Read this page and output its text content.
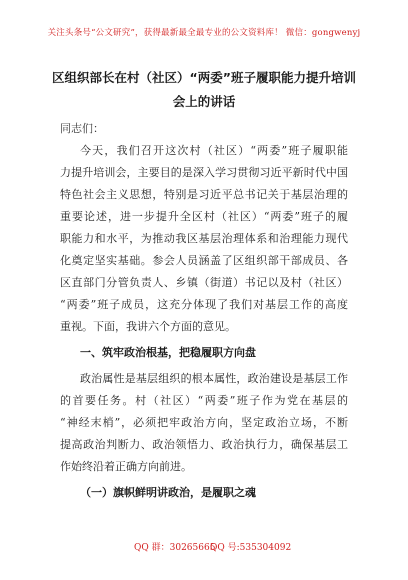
关注头条号“公文研究”，获得最新最全最专业的公文资料库！ 微信：gongwenyj
区组织部长在村（社区）“两委”班子履职能力提升培训
会上的讲话
同志们：
今天，我们召开这次村（社区）“两委”班子履职能
力提升培训会，主要目的是深入学习贯彻习近平新时代中国
特色社会主义思想，特别是习近平总书记关于基层治理的
重要论述，进一步提升全区村（社区）“两委”班子的履
职能力和水平，为推动我区基层治理体系和治理能力现代
化奠定坚实基础。参会人员涵盖了区组织部干部成员、各
区直部门分管负责人、乡镇（街道）书记以及村（社区）
“两委”班子成员，这充分体现了我们对基层工作的高度
重视。下面，我讲六个方面的意见。
一、筑牢政治根基，把稳履职方向盘
政治属性是基层组织的根本属性，政治建设是基层工作
的首要任务。村（社区）“两委”班子作为党在基层的
“神经末梢”，必须把牢政治方向，坚定政治立场，不断
提高政治判断力、政治领悟力、政治执行力，确保基层工
作始终沿着正确方向前进。
（一）旗帜鲜明讲政治，是履职之魂
QQ 群：30265665
QQ 号:535304092
